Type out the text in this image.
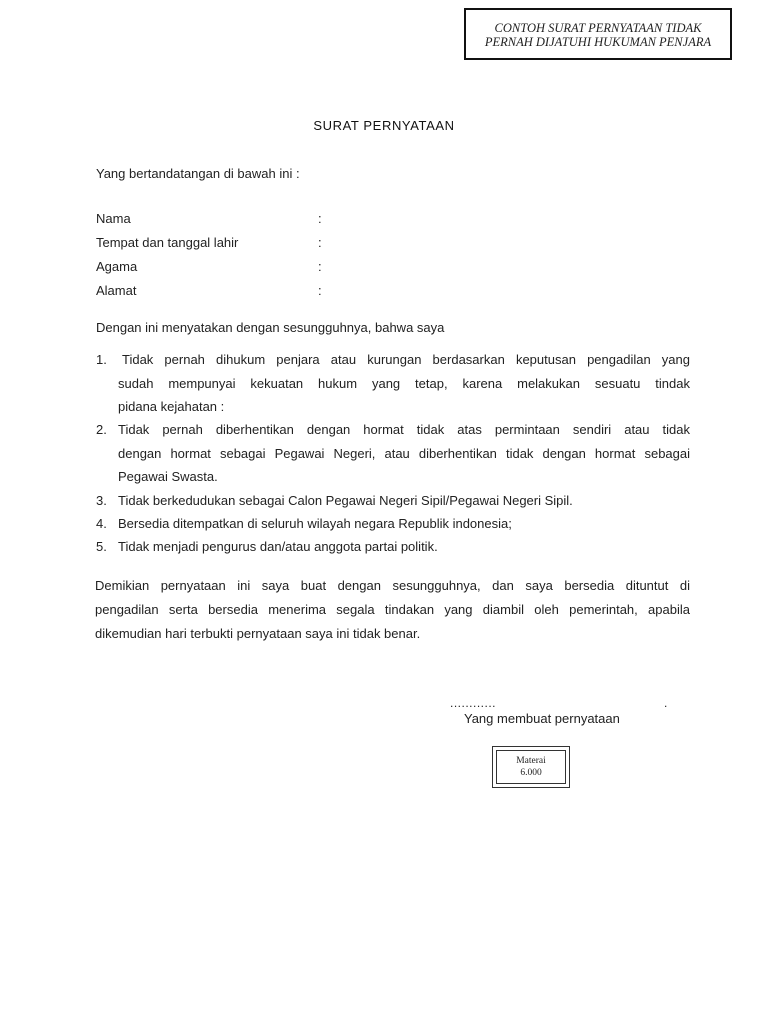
CONTOH SURAT PERNYATAAN TIDAK
PERNAH DIJATUHI HUKUMAN PENJARA
SURAT PERNYATAAN
Yang bertandatangan di bawah ini :
Nama	:
Tempat dan tanggal lahir	:
Agama	:
Alamat	:
Dengan ini menyatakan dengan sesungguhnya, bahwa saya
1. Tidak pernah dihukum penjara atau kurungan berdasarkan keputusan pengadilan yang
sudah mempunyai kekuatan hukum yang tetap, karena melakukan sesuatu tindak
pidana kejahatan :
2. Tidak pernah diberhentikan dengan hormat tidak atas permintaan sendiri atau tidak
dengan hormat sebagai Pegawai Negeri, atau diberhentikan tidak dengan hormat sebagai
Pegawai Swasta.
3. Tidak berkedudukan sebagai Calon Pegawai Negeri Sipil/Pegawai Negeri Sipil.
4. Bersedia ditempatkan di seluruh wilayah negara Republik indonesia;
5. Tidak menjadi pengurus dan/atau anggota partai politik.
Demikian pernyataan ini saya buat dengan sesungguhnya, dan saya bersedia dituntut di
pengadilan serta bersedia menerima segala tindakan yang diambil oleh pemerintah, apabila
dikemudian hari terbukti pernyataan saya ini tidak benar.
............	.
Yang membuat pernyataan
Materai
6.000
